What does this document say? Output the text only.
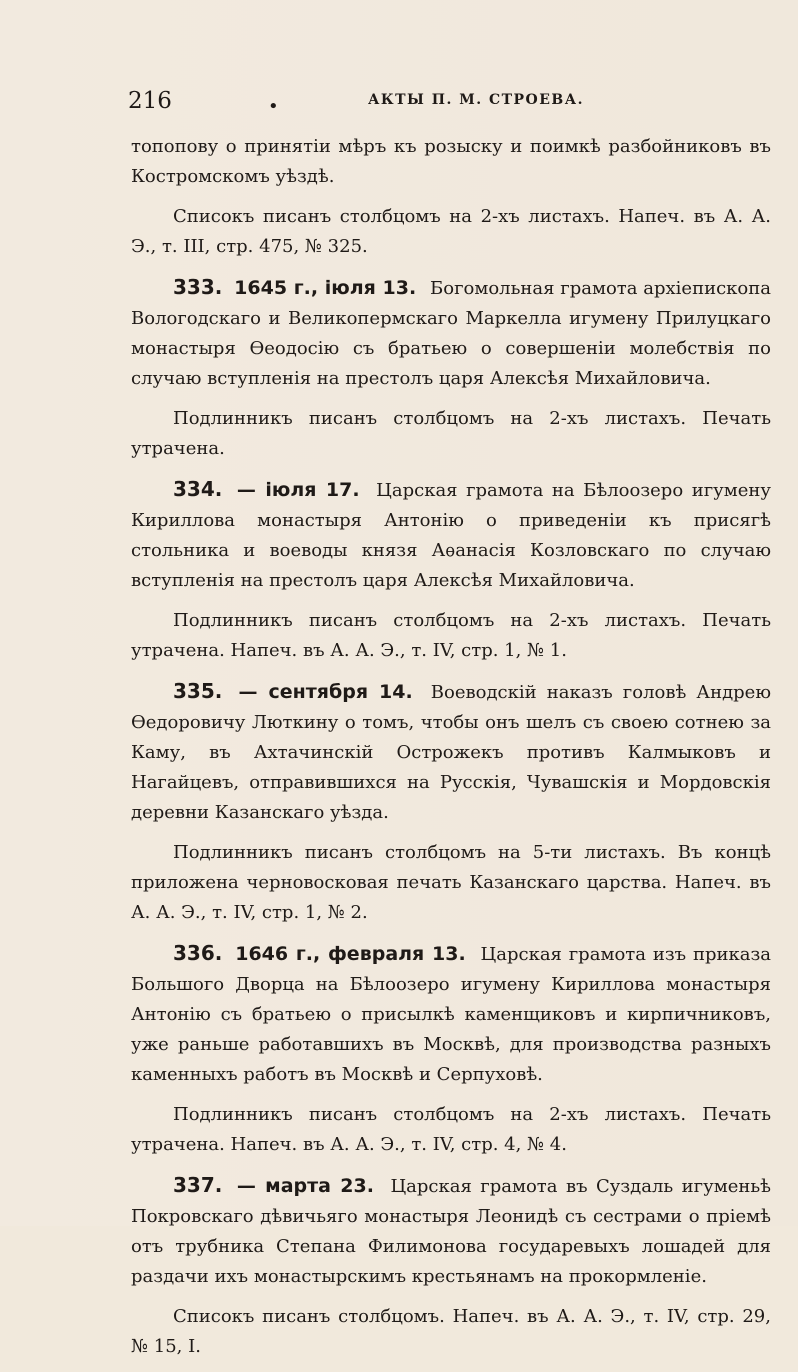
216	•	АКТЫ П. М. СТРОЕВА.

топопову о принятіи мѣръ къ розыску и поимкѣ разбойниковъ въ Костромскомъ уѣздѣ.

Списокъ писанъ столбцомъ на 2-хъ листахъ. Напеч. въ А. А. Э., т. III, стр. 475, № 325.

333. 1645 г., іюля 13. Богомольная грамота архіепископа Вологодскаго и Великопермскаго Маркелла игумену Прилуцкаго монастыря Ѳеодосію съ братьею о совершеніи молебствія по случаю вступленія на престолъ царя Алексѣя Михайловича.

Подлинникъ писанъ столбцомъ на 2-хъ листахъ. Печать утрачена.

334. — іюля 17. Царская грамота на Бѣлоозеро игумену Кириллова монастыря Антонію о приведеніи къ присягѣ стольника и воеводы князя Аѳанасія Козловскаго по случаю вступленія на престолъ царя Алексѣя Михайловича.

Подлинникъ писанъ столбцомъ на 2-хъ листахъ. Печать утрачена. Напеч. въ А. А. Э., т. IV, стр. 1, № 1.

335. — сентября 14. Воеводскій наказъ головѣ Андрею Ѳедоровичу Люткину о томъ, чтобы онъ шелъ съ своею сотнею за Каму, въ Ахтачинскій Острожекъ противъ Калмыковъ и Нагайцевъ, отправившихся на Русскія, Чувашскія и Мордовскія деревни Казанскаго уѣзда.

Подлинникъ писанъ столбцомъ на 5-ти листахъ. Въ концѣ приложена черновосковая печать Казанскаго царства. Напеч. въ А. А. Э., т. IV, стр. 1, № 2.

336. 1646 г., февраля 13. Царская грамота изъ приказа Большого Дворца на Бѣлоозеро игумену Кириллова монастыря Антонію съ братьею о присылкѣ каменщиковъ и кирпичниковъ, уже раньше работавшихъ въ Москвѣ, для производства разныхъ каменныхъ работъ въ Москвѣ и Серпуховѣ.

Подлинникъ писанъ столбцомъ на 2-хъ листахъ. Печать утрачена. Напеч. въ А. А. Э., т. IV, стр. 4, № 4.

337. — марта 23. Царская грамота въ Суздаль игуменьѣ Покровскаго дѣвичьяго монастыря Леонидѣ съ сестрами о пріемѣ отъ трубника Степана Филимонова государевыхъ лошадей для раздачи ихъ монастырскимъ крестьянамъ на прокормленіе.

Списокъ писанъ столбцомъ. Напеч. въ А. А. Э., т. IV, стр. 29, № 15, I.
